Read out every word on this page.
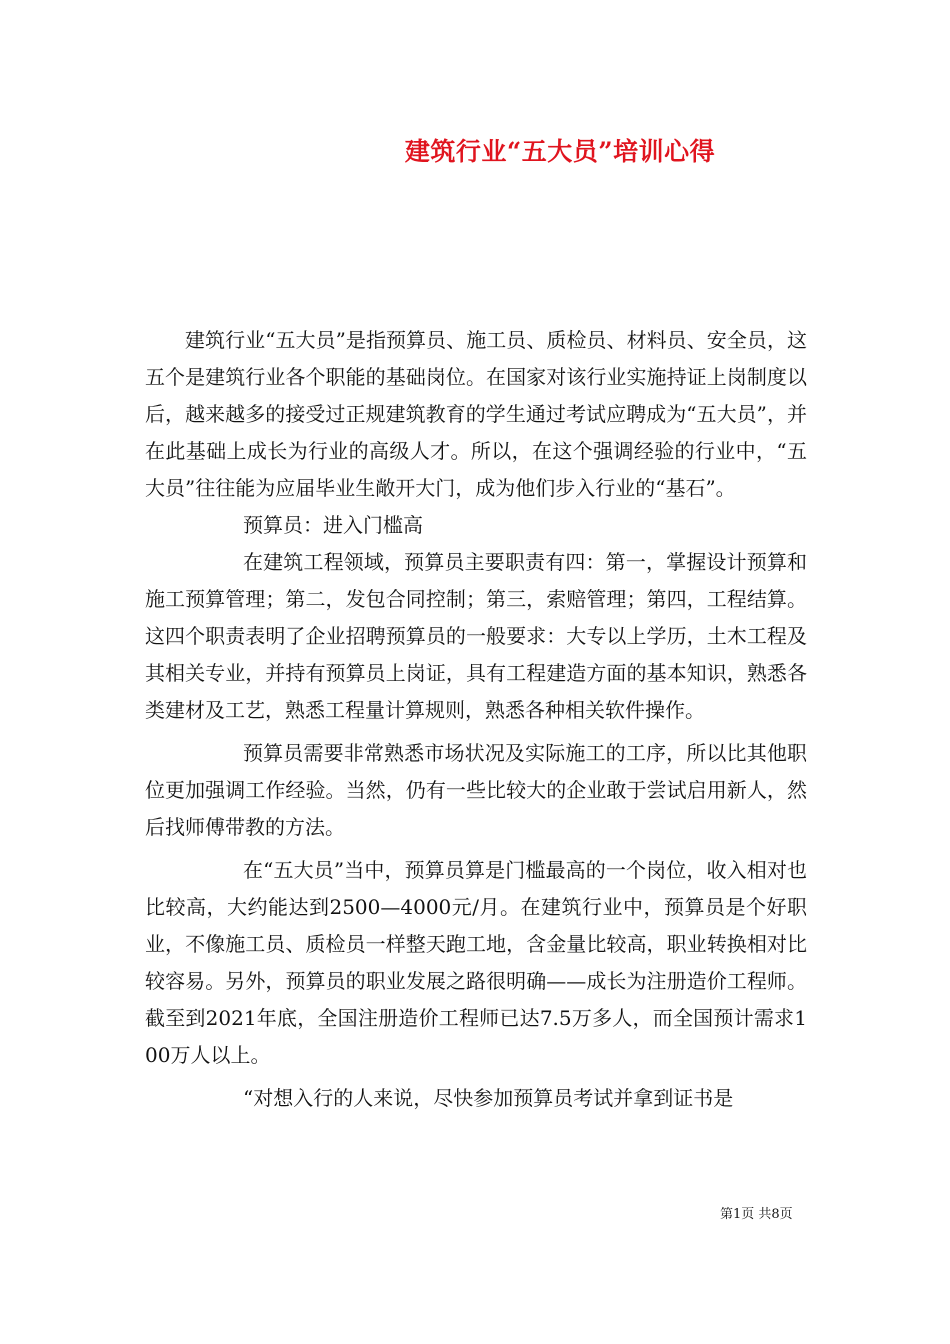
建筑行业“五大员”培训心得

建筑行业“五大员”是指预算员、施工员、质检员、材料员、安全员，这五个是建筑行业各个职能的基础岗位。在国家对该行业实施持证上岗制度以后，越来越多的接受过正规建筑教育的学生通过考试应聘成为“五大员”，并在此基础上成长为行业的高级人才。所以，在这个强调经验的行业中，“五大员”往往能为应届毕业生敞开大门，成为他们步入行业的“基石”。

预算员：进入门槛高

在建筑工程领域，预算员主要职责有四：第一，掌握设计预算和施工预算管理；第二，发包合同控制；第三，索赔管理；第四，工程结算。这四个职责表明了企业招聘预算员的一般要求：大专以上学历，土木工程及其相关专业，并持有预算员上岗证，具有工程建造方面的基本知识，熟悉各类建材及工艺，熟悉工程量计算规则，熟悉各种相关软件操作。

预算员需要非常熟悉市场状况及实际施工的工序，所以比其他职位更加强调工作经验。当然，仍有一些比较大的企业敢于尝试启用新人，然后找师傅带教的方法。

在“五大员”当中，预算员算是门槛最高的一个岗位，收入相对也比较高，大约能达到2500—4000元/月。在建筑行业中，预算员是个好职业，不像施工员、质检员一样整天跑工地，含金量比较高，职业转换相对比较容易。另外，预算员的职业发展之路很明确——成长为注册造价工程师。截至到2021年底，全国注册造价工程师已达7.5万多人，而全国预计需求100万人以上。

“对想入行的人来说，尽快参加预算员考试并拿到证书是

第1页 共8页
